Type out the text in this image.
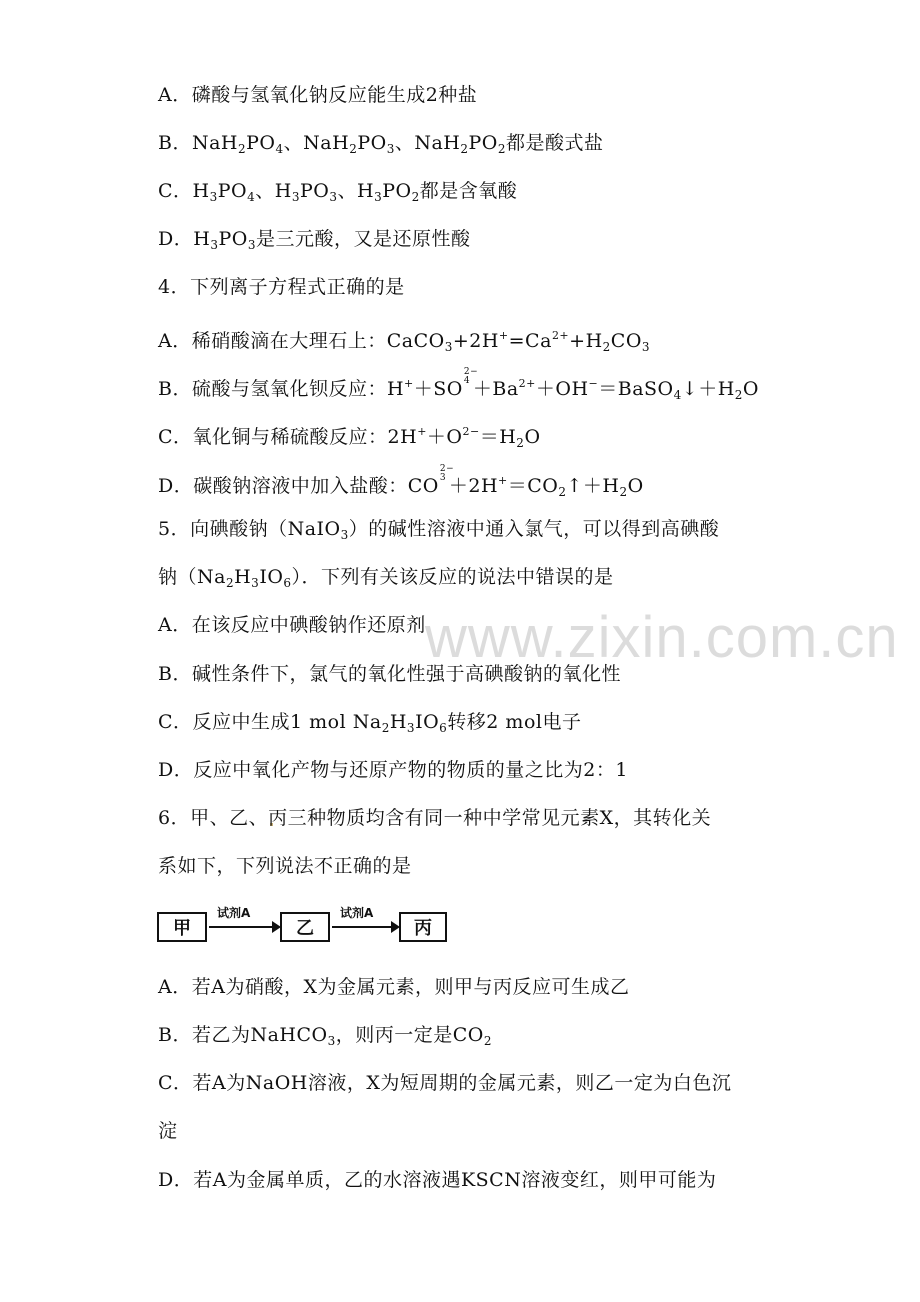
www.zixin.com.cn
A．磷酸与氢氧化钠反应能生成2种盐
B．$NaH_2PO_4$、$NaH_2PO_3$、$NaH_2PO_2$都是酸式盐
C．$H_3PO_4$、$H_3PO_3$、$H_3PO_2$都是含氧酸
D．$H_3PO_3$是三元酸，又是还原性酸
4．下列离子方程式正确的是
A．稀硝酸滴在大理石上：$CaCO_3+2H^+=Ca^{2+}+H_2CO_3$
B．硫酸与氢氧化钡反应：H+＋SO
2−
$4 +Ba^{2+}+OH^-=BaSO_4↓+H_2O$
C．氧化铜与稀硫酸反应：$2H^++O^{2-}=H_2O$
D．碳酸钠溶液中加入盐酸：CO
2−
$3 +2H^+=CO_2↑+H_2O$
5．向碘酸钠（NaIO$_3$）的碱性溶液中通入氯气，可以得到高碘酸
钠$(Na_2H_3IO_6)$．下列有关该反应的说法中错误的是
A．在该反应中碘酸钠作还原剂
B．碱性条件下，氯气的氧化性强于高碘酸钠的氧化性
C．反应中生成1 mol $Na_2H_3IO_6$转移2 mol电子
D．反应中氧化产物与还原产物的物质的量之比为2：1
6．甲、乙、丙三种物质均含有同一种中学常见元素X，其转化关
系如下，下列说法不正确的是
甲
试剂A
乙
试剂A
丙
A．若A为硝酸，X为金属元素，则甲与丙反应可生成乙
B．若乙为NaHCO$_3$，则丙一定是$CO_2$
C．若A为NaOH溶液，X为短周期的金属元素，则乙一定为白色沉
淀
D．若A为金属单质，乙的水溶液遇KSCN溶液变红，则甲可能为
